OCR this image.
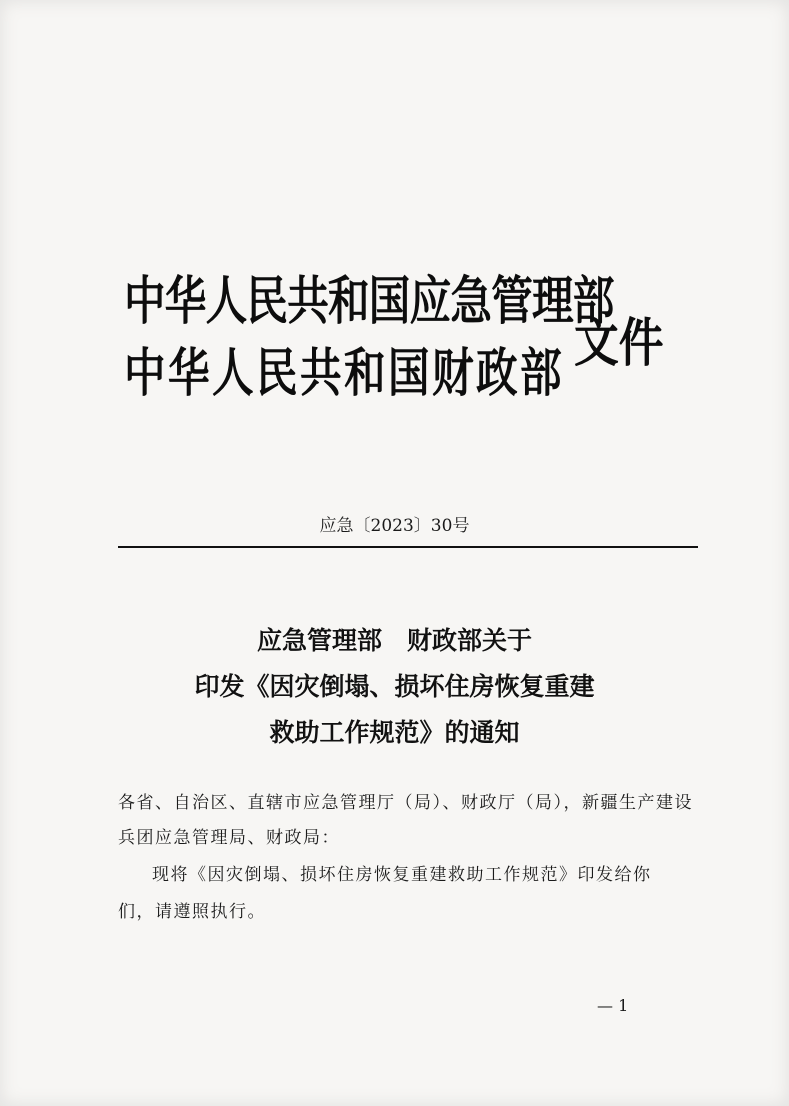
中华人民共和国应急管理部
中华人民共和国财政部 文件
应急〔2023〕30号
应急管理部　财政部关于
印发《因灾倒塌、损坏住房恢复重建
救助工作规范》的通知
各省、自治区、直辖市应急管理厅（局）、财政厅（局），新疆生产建设
兵团应急管理局、财政局：
现将《因灾倒塌、损坏住房恢复重建救助工作规范》印发给你
们，请遵照执行。
— 1
